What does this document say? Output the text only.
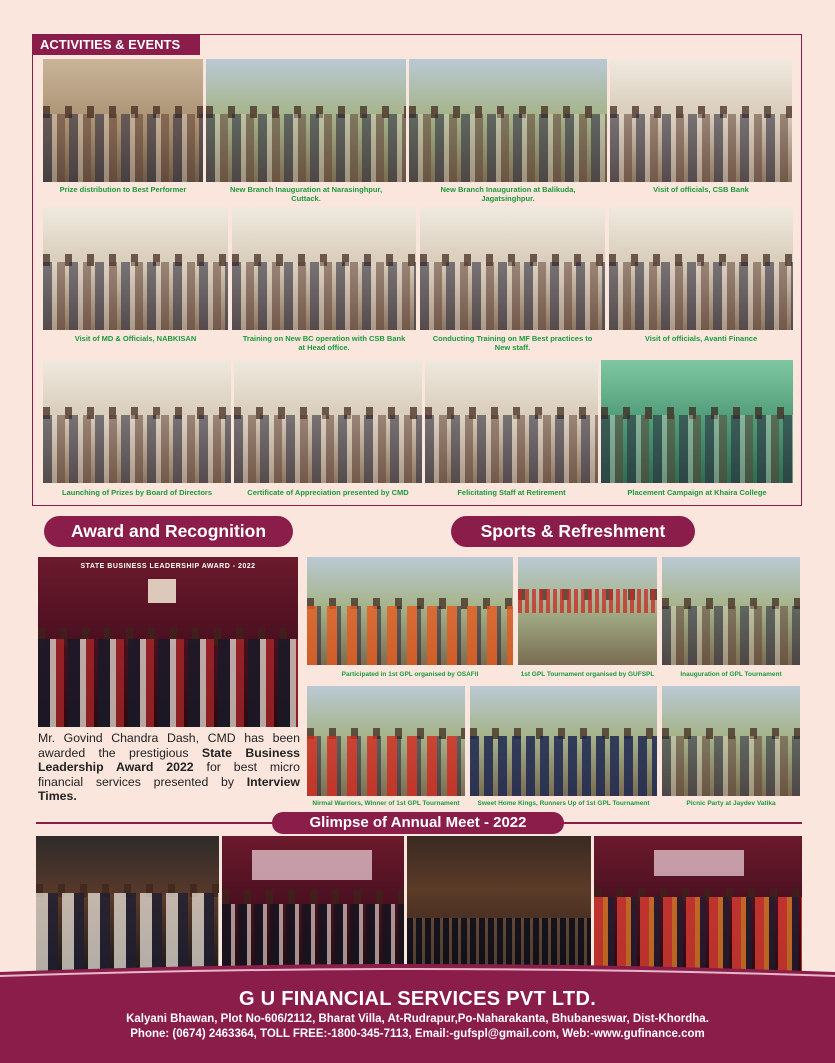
ACTIVITIES & EVENTS
Prize distribution to Best Performer	New Branch Inauguration at Narasinghpur, Cuttack.
New Branch Inauguration at Balikuda, Jagatsinghpur.
Visit of officials, CSB Bank
Visit of MD & Officials, NABKISAN	Training on New BC operation with CSB Bank at Head office.
Conducting Training on MF Best practices to New staff.
Visit of officials, Avanti Finance
Launching of Prizes by Board of Directors	Certificate of Appreciation presented by CMD	Felicitating Staff at Retirement	Placement Campaign at Khaira College
Award and Recognition	Sports & Refreshment
STATE BUSINESS LEADERSHIP AWARD - 2022
Mr. Govind Chandra Dash, CMD has been awarded the prestigious State Business Leadership Award 2022 for best micro financial services presented by Interview Times.
Participated in 1st GPL organised by OSAFII	1st GPL Tournament organised by GUFSPL	Inauguration of GPL Tournament
Nirmal Warriors, Winner of 1st GPL Tournament	Sweet Home Kings, Runners Up of 1st GPL Tournament	Picnic Party at Jaydev Vatika
Glimpse of Annual Meet - 2022
G U FINANCIAL SERVICES PVT LTD.
Kalyani Bhawan, Plot No-606/2112, Bharat Villa, At-Rudrapur,Po-Naharakanta, Bhubaneswar, Dist-Khordha.
Phone: (0674) 2463364, TOLL FREE:-1800-345-7113, Email:-gufspl@gmail.com, Web:-www.gufinance.com
